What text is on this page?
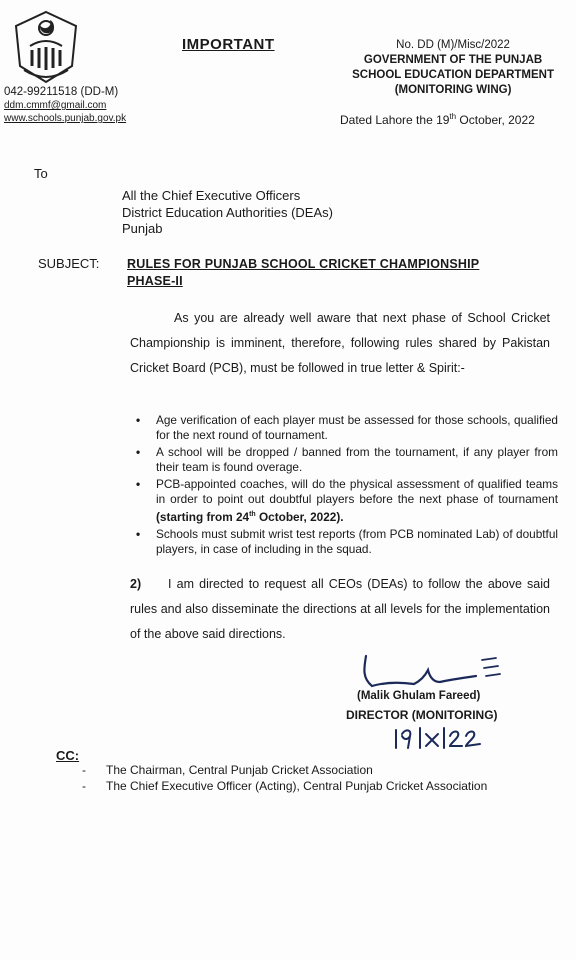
IMPORTANT	No. DD (M)/Misc/2022
GOVERNMENT OF THE PUNJAB
SCHOOL EDUCATION DEPARTMENT
(MONITORING WING)
042-99211518 (DD-M)
ddm.cmmf@gmail.com
www.schools.punjab.gov.pk	Dated Lahore the 19th October, 2022
To
All the Chief Executive Officers
District Education Authorities (DEAs)
Punjab
SUBJECT: RULES FOR PUNJAB SCHOOL CRICKET CHAMPIONSHIP
PHASE-II
As you are already well aware that next phase of School Cricket Championship is imminent, therefore, following rules shared by Pakistan Cricket Board (PCB), must be followed in true letter & Spirit:-
• Age verification of each player must be assessed for those schools, qualified for the next round of tournament.
• A school will be dropped / banned from the tournament, if any player from their team is found overage.
• PCB-appointed coaches, will do the physical assessment of qualified teams in order to point out doubtful players before the next phase of tournament (starting from 24th October, 2022).
• Schools must submit wrist test reports (from PCB nominated Lab) of doubtful players, in case of including in the squad.
2) I am directed to request all CEOs (DEAs) to follow the above said rules and also disseminate the directions at all levels for the implementation of the above said directions.
(Malik Ghulam Fareed)
DIRECTOR (MONITORING)
CC:
- The Chairman, Central Punjab Cricket Association
- The Chief Executive Officer (Acting), Central Punjab Cricket Association
